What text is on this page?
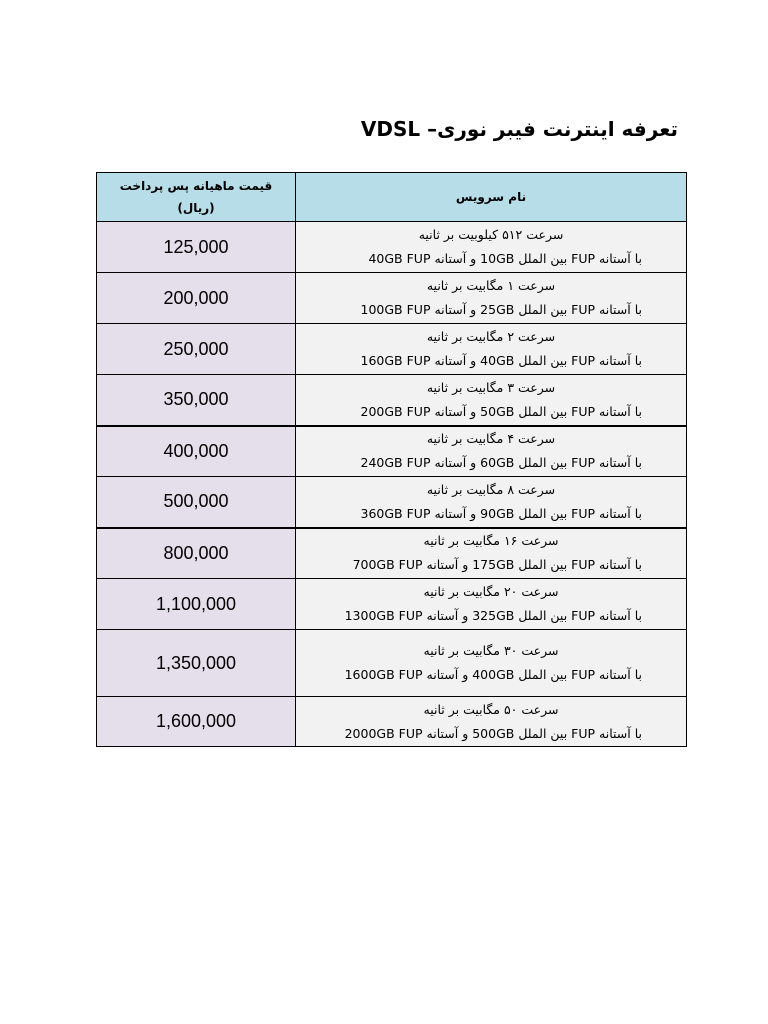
تعرفه اینترنت فیبر نوری– VDSL
قیمت ماهیانه پس پرداخت
(ریال)	نام سرویس
125,000	سرعت ۵۱۲ کیلوبیت بر ثانیه
با آستانه FUP بین الملل 10GB و آستانه 40GB FUP

200,000	سرعت ۱ مگابیت بر ثانیه
با آستانه FUP بین الملل 25GB و آستانه 100GB FUP

250,000	سرعت ۲ مگابیت بر ثانیه
با آستانه FUP بین الملل 40GB و آستانه 160GB FUP

350,000	سرعت ۳ مگابیت بر ثانیه
با آستانه FUP بین الملل 50GB و آستانه 200GB FUP

400,000	سرعت ۴ مگابیت بر ثانیه
با آستانه FUP بین الملل 60GB و آستانه 240GB FUP

500,000	سرعت ۸ مگابیت بر ثانیه
با آستانه FUP بین الملل 90GB و آستانه 360GB FUP

800,000	سرعت ۱۶ مگابیت بر ثانیه
با آستانه FUP بین الملل 175GB و آستانه 700GB FUP

1,100,000	سرعت ۲۰ مگابیت بر ثانیه
با آستانه FUP بین الملل 325GB و آستانه 1300GB FUP

1,350,000	سرعت ۳۰ مگابیت بر ثانیه
با آستانه FUP بین الملل 400GB و آستانه 1600GB FUP

1,600,000	سرعت ۵۰ مگابیت بر ثانیه
با آستانه FUP بین الملل 500GB و آستانه 2000GB FUP
